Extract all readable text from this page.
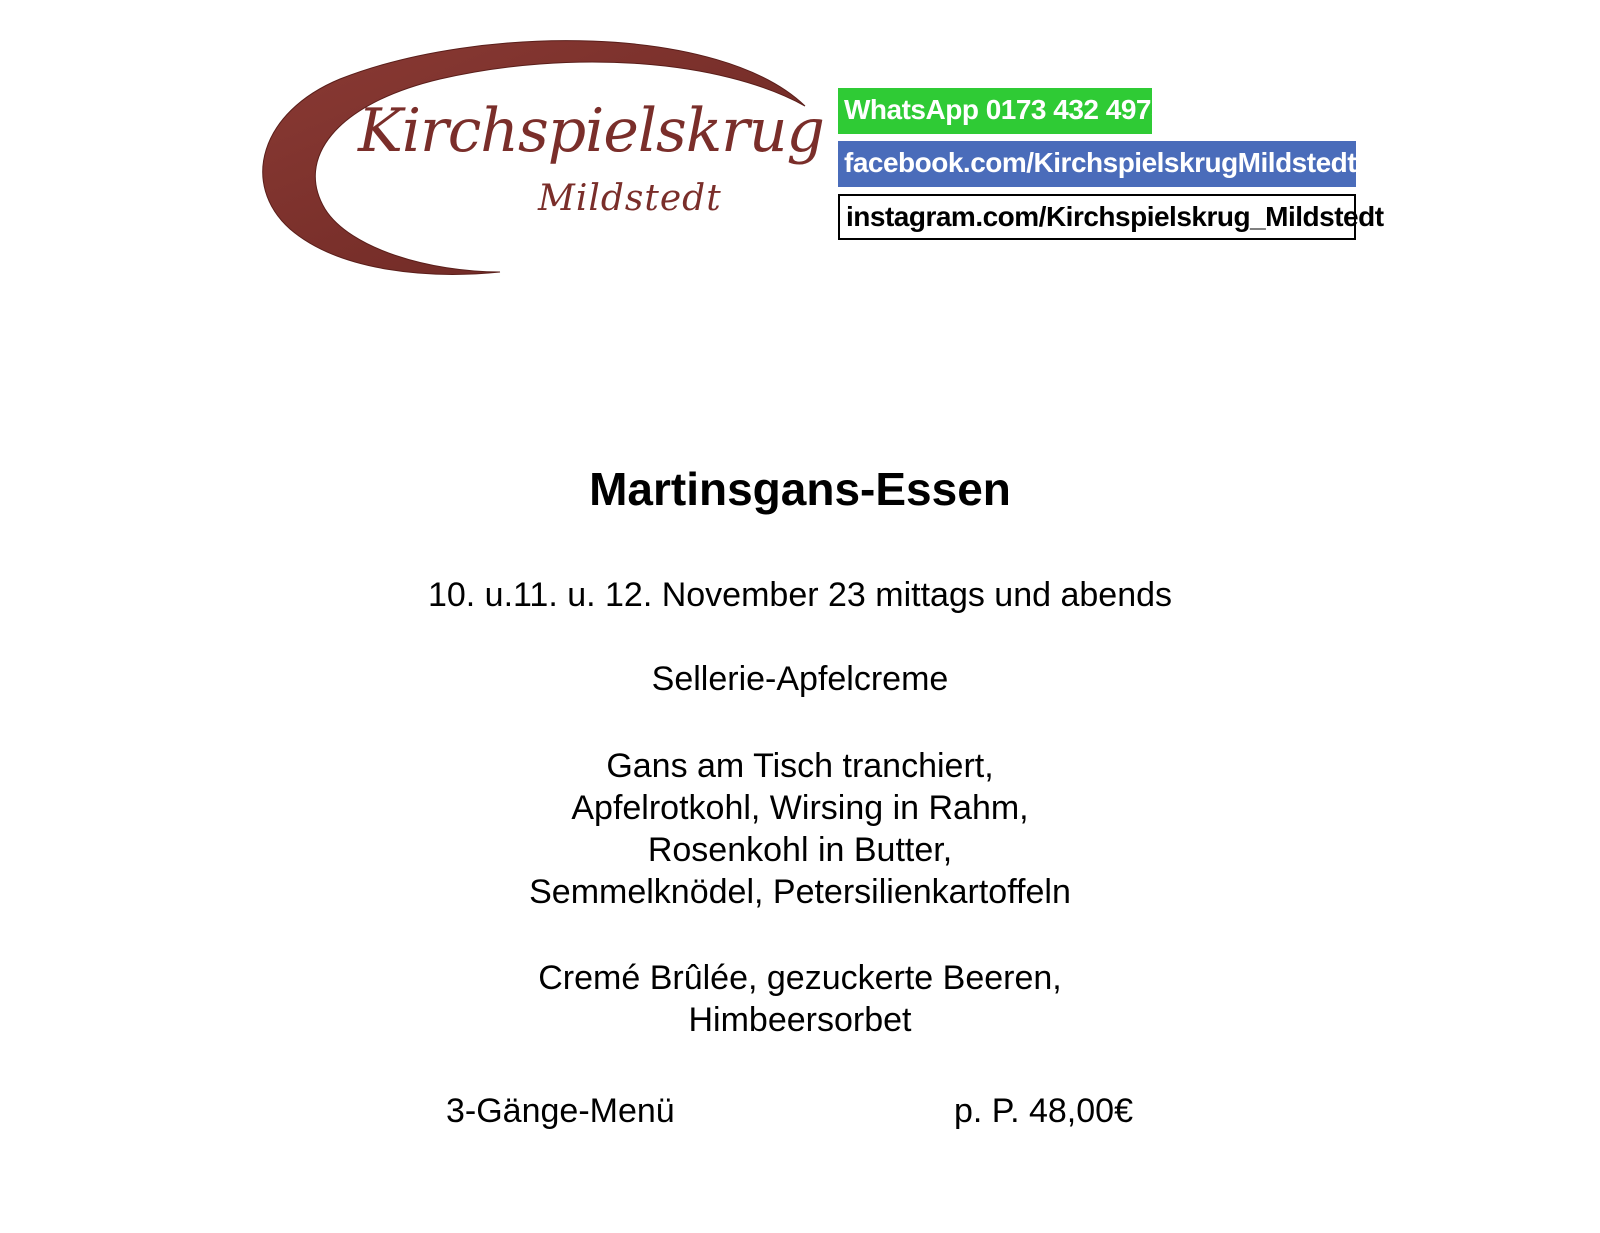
Kirchspielskrug
Mildstedt
WhatsApp 0173 432 4975
facebook.com/KirchspielskrugMildstedt
instagram.com/Kirchspielskrug_Mildstedt
Martinsgans-Essen
10. u.11. u. 12. November 23 mittags und abends
Sellerie-Apfelcreme
Gans am Tisch tranchiert,
Apfelrotkohl, Wirsing in Rahm,
Rosenkohl in Butter,
Semmelknödel, Petersilienkartoffeln
Cremé Brûlée, gezuckerte Beeren,
Himbeersorbet
3-Gänge-Menü	p. P. 48,00€
